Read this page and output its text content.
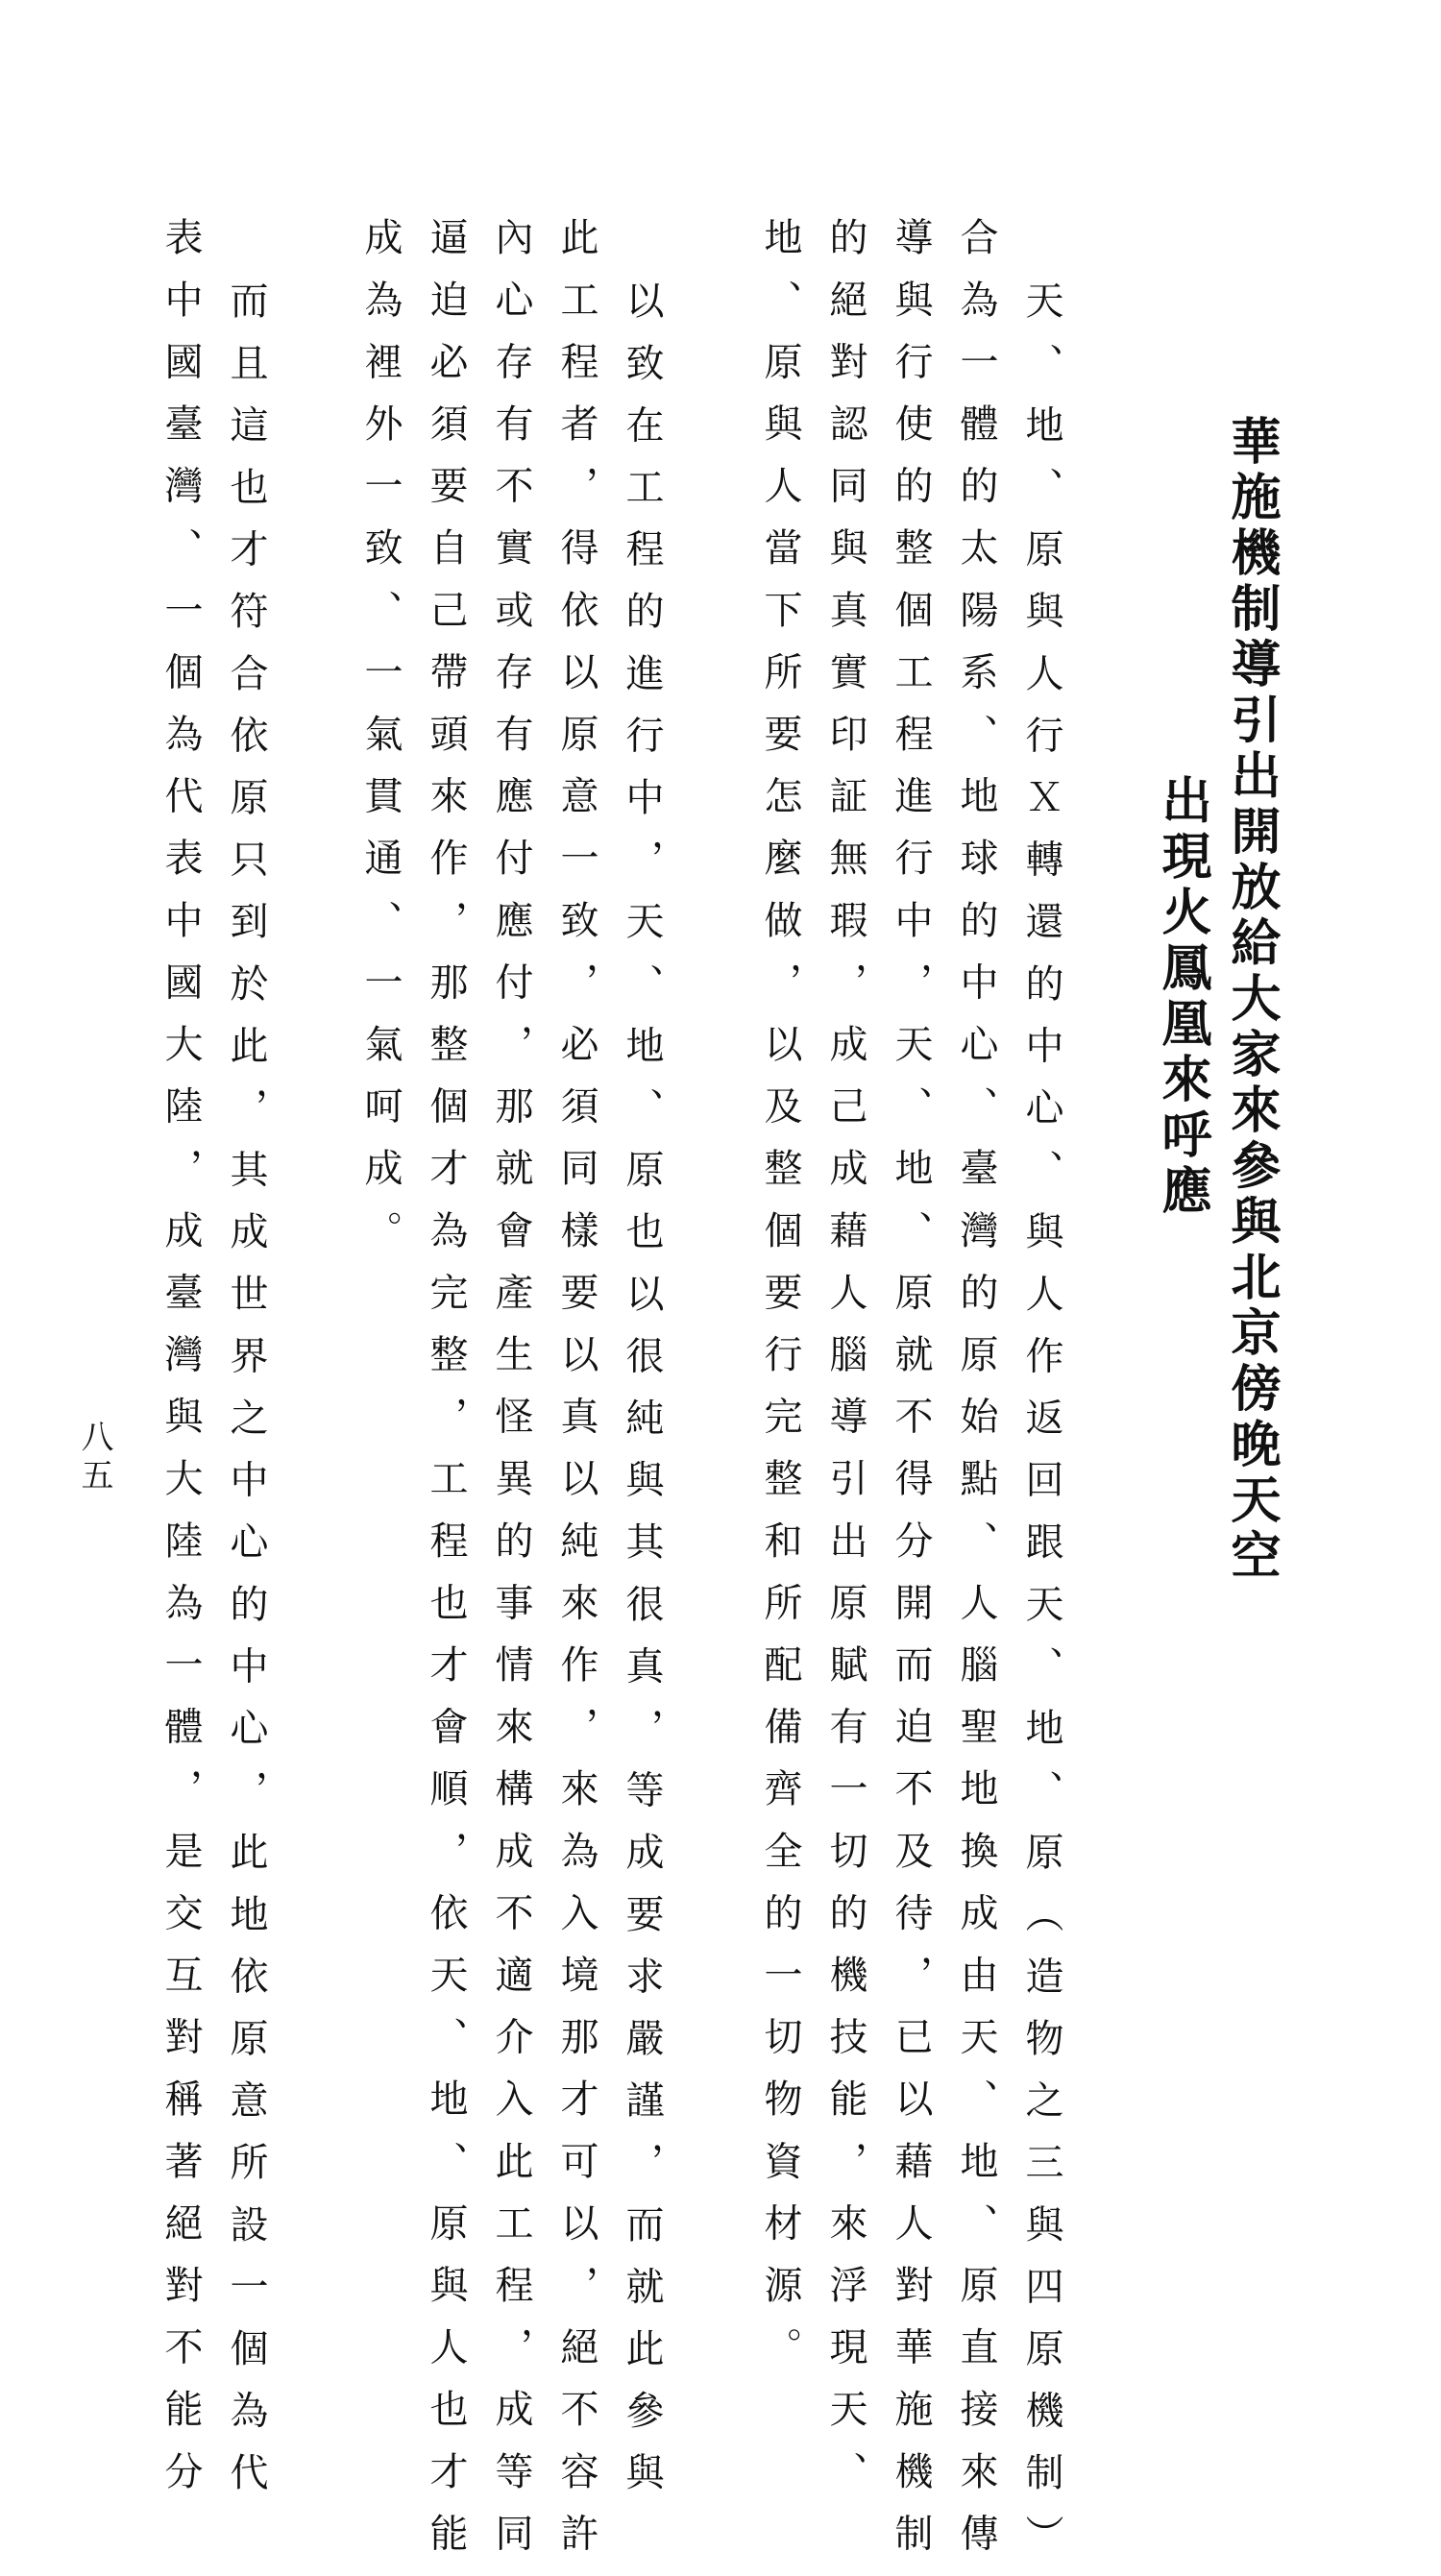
華施機制導引出開放給大家來參與北京傍晚天空
出現火鳳凰來呼應
天、地、原與人行Ｘ轉還的中心、與人作返回跟天、地、原︵造物之三與四原機制︶
合為一體的太陽系、地球的中心、臺灣的原始點、人腦聖地換成由天、地、原直接來傳
導與行使的整個工程進行中，天、地、原就不得分開而迫不及待，已以藉人對華施機制
的絕對認同與真實印証無瑕，成己成藉人腦導引出原賦有一切的機技能，來浮現天、
地、原與人當下所要怎麼做，以及整個要行完整和所配備齊全的一切物資材源。
以致在工程的進行中，天、地、原也以很純與其很真，等成要求嚴謹，而就此參與
此工程者，得依以原意一致，必須同樣要以真以純來作，來為入境那才可以，絕不容許
內心存有不實或存有應付應付，那就會產生怪異的事情來構成不適介入此工程，成等同
逼迫必須要自己帶頭來作，那整個才為完整，工程也才會順，依天、地、原與人也才能
成為裡外一致、一氣貫通、一氣呵成。
而且這也才符合依原只到於此，其成世界之中心的中心，此地依原意所設一個為代
表中國臺灣、一個為代表中國大陸，成臺灣與大陸為一體，是交互對稱著絕對不能分
八五
